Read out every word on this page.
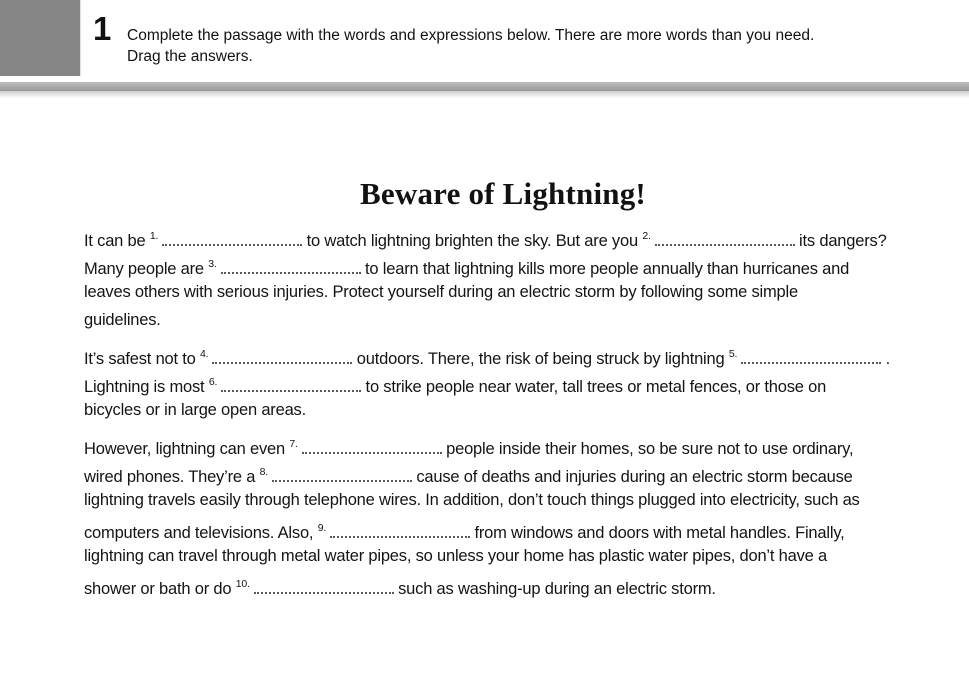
1 Complete the passage with the words and expressions below. There are more words than you need.
Drag the answers.
Beware of Lightning!
It can be 1.	to watch lightning brighten the sky. But are you 2.	its dangers?
Many people are 3.	to learn that lightning kills more people annually than hurricanes and
leaves others with serious injuries. Protect yourself during an electric storm by following some simple
guidelines.
It’s safest not to 4.	outdoors. There, the risk of being struck by lightning 5.	.
Lightning is most 6.	to strike people near water, tall trees or metal fences, or those on
bicycles or in large open areas.
However, lightning can even 7.	people inside their homes, so be sure not to use ordinary,
wired phones. They’re a 8.	cause of deaths and injuries during an electric storm because
lightning travels easily through telephone wires. In addition, don’t touch things plugged into electricity, such as
computers and televisions. Also, 9.	from windows and doors with metal handles. Finally,
lightning can travel through metal water pipes, so unless your home has plastic water pipes, don’t have a
shower or bath or do 10.	such as washing-up during an electric storm.
